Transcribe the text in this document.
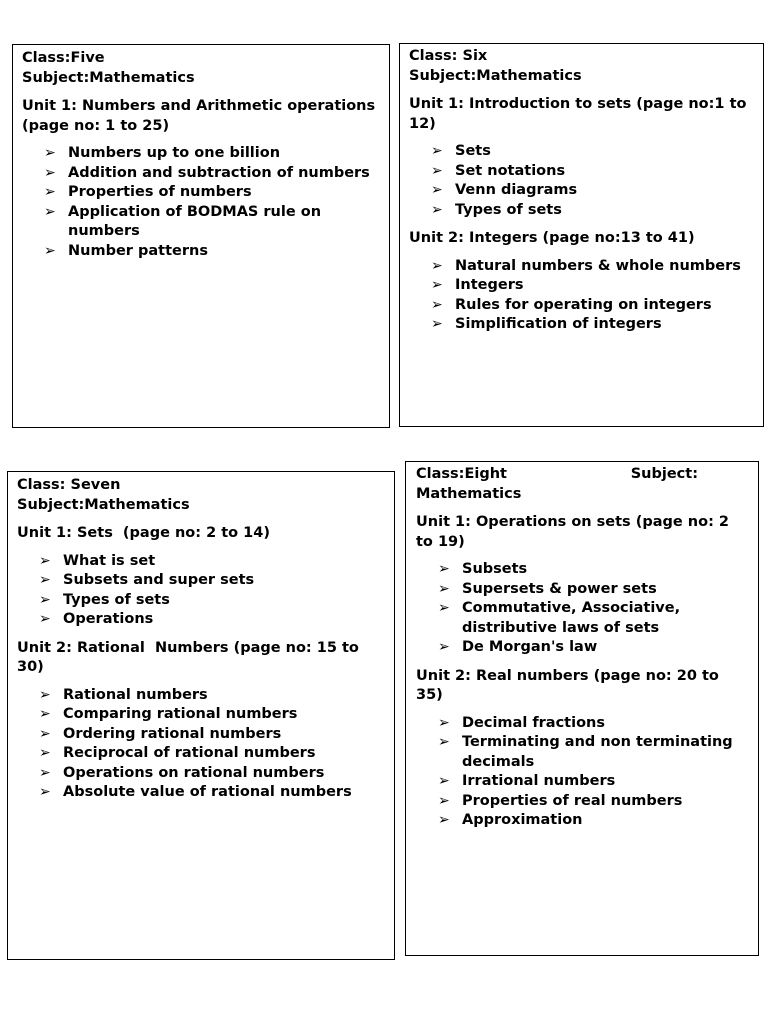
Class:Five
Subject:Mathematics

Unit 1: Numbers and Arithmetic operations (page no: 1 to 25)

➢ Numbers up to one billion
➢ Addition and subtraction of numbers
➢ Properties of numbers
➢ Application of BODMAS rule on numbers
➢ Number patterns
Class: Six
Subject:Mathematics

Unit 1: Introduction to sets (page no:1 to 12)

➢ Sets
➢ Set notations
➢ Venn diagrams
➢ Types of sets

Unit 2: Integers (page no:13 to 41)

➢ Natural numbers & whole numbers
➢ Integers
➢ Rules for operating on integers
➢ Simplification of integers
Class: Seven
Subject:Mathematics

Unit 1: Sets  (page no: 2 to 14)

➢ What is set
➢ Subsets and super sets
➢ Types of sets
➢ Operations

Unit 2: Rational  Numbers (page no: 15 to 30)

➢ Rational numbers
➢ Comparing rational numbers
➢ Ordering rational numbers
➢ Reciprocal of rational numbers
➢ Operations on rational numbers
➢ Absolute value of rational numbers
Class:Eight	Subject:
Mathematics

Unit 1: Operations on sets (page no: 2 to 19)

➢ Subsets
➢ Supersets & power sets
➢ Commutative, Associative, distributive laws of sets
➢ De Morgan's law

Unit 2: Real numbers (page no: 20 to 35)

➢ Decimal fractions
➢ Terminating and non terminating decimals
➢ Irrational numbers
➢ Properties of real numbers
➢ Approximation
